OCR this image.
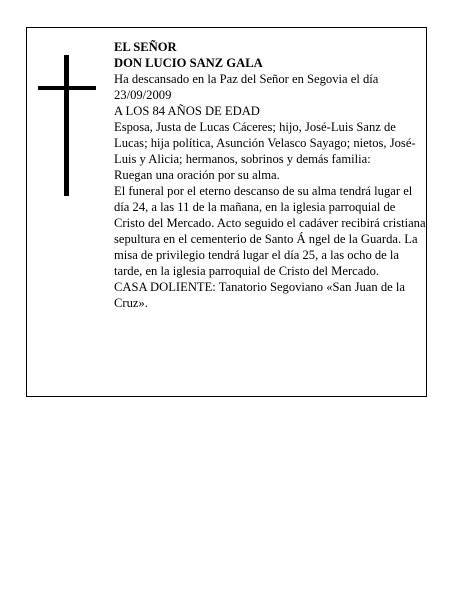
EL SEÑOR

DON LUCIO SANZ GALA

Ha descansado en la Paz del Señor en Segovia el día 23/09/2009

A LOS 84 AÑOS DE EDAD

Esposa, Justa de Lucas Cáceres; hijo, José-Luis Sanz de Lucas; hija política, Asunción Velasco Sayago; nietos, José-Luis y Alicia; hermanos, sobrinos y demás familia:

Ruegan una oración por su alma.

El funeral por el eterno descanso de su alma tendrá lugar el día 24, a las 11 de la mañana, en la iglesia parroquial de Cristo del Mercado. Acto seguido el cadáver recibirá cristiana sepultura en el cementerio de Santo Á ngel de la Guarda. La misa de privilegio tendrá lugar el día 25, a las ocho de la tarde, en la iglesia parroquial de Cristo del Mercado.

CASA DOLIENTE: Tanatorio Segoviano «San Juan de la Cruz».
